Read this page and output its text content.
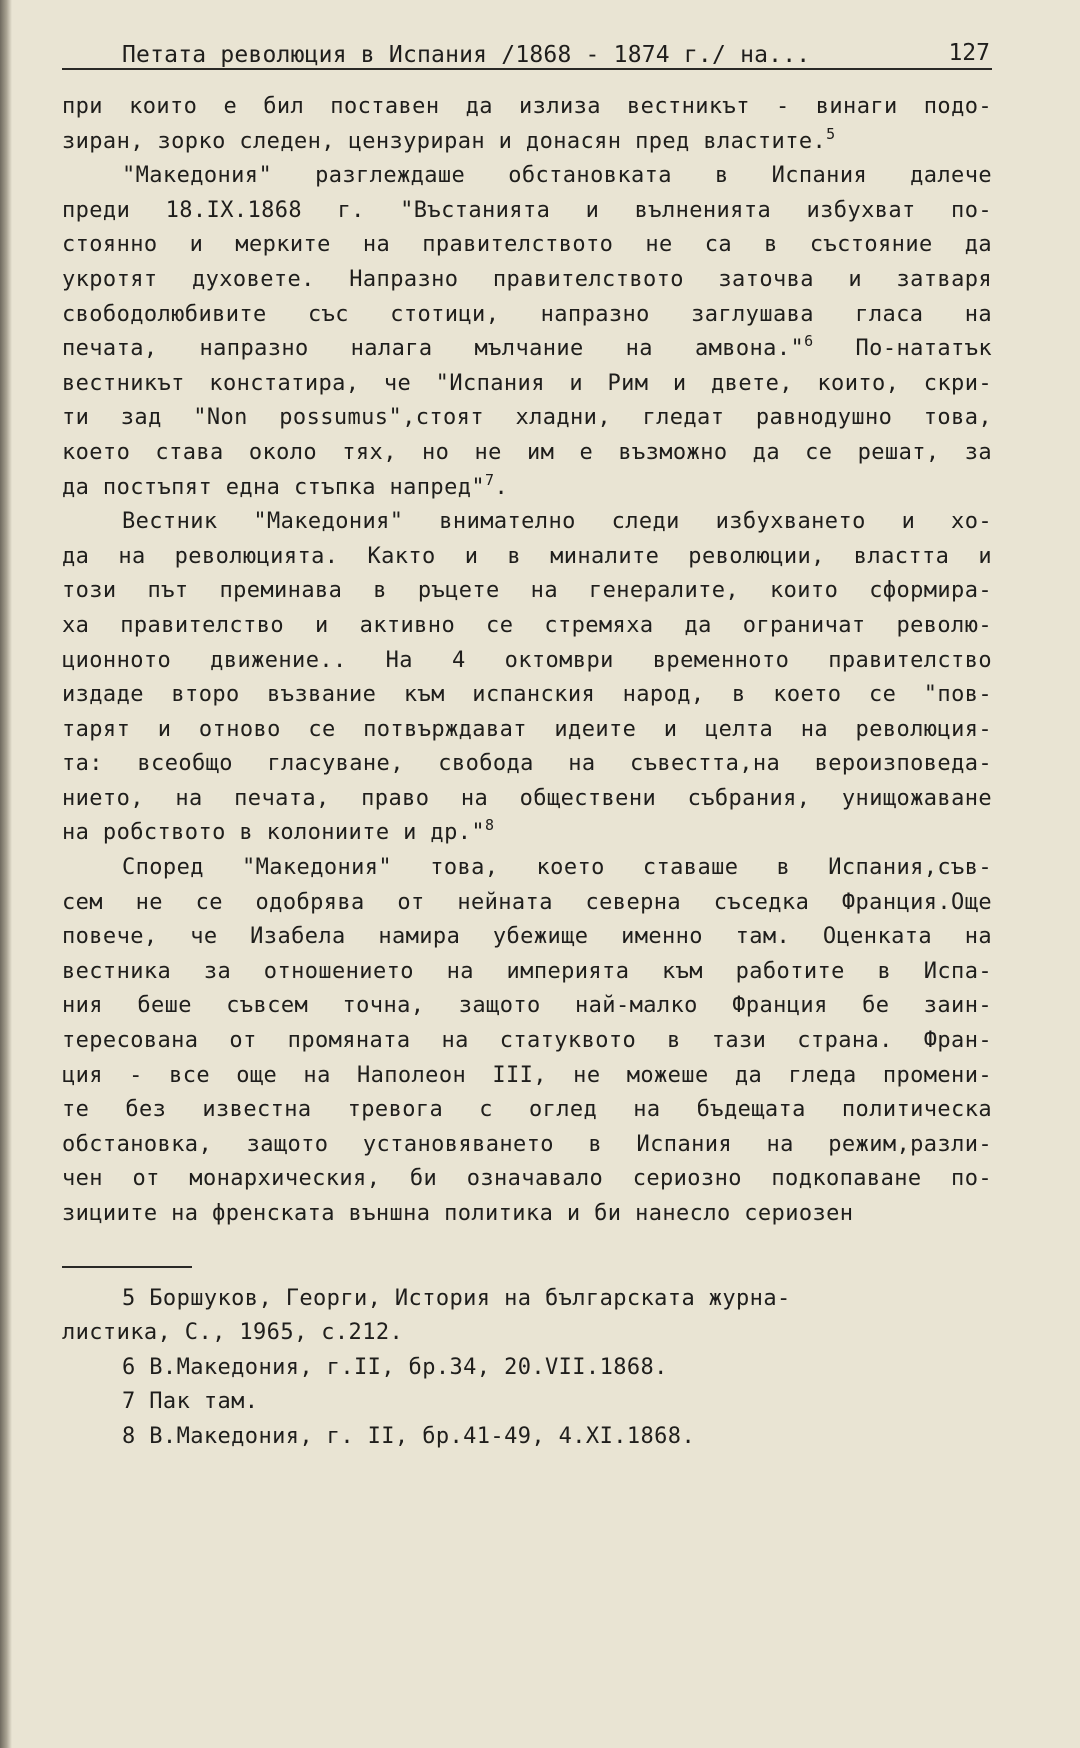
Петата революция в Испания /1868 - 1874 г./ на...	127

при които е бил поставен да излиза вестникът - винаги подо-
зиран, зорко следен, цензуриран и донасян пред властите.$^5$

"Македония" разглеждаше обстановката в Испания далече
преди 18.IX.1868 г. "Въстанията и вълненията избухват по-
стоянно и мерките на правителството не са в състояние да
укротят духовете. Напразно правителството заточва и затваря
свободолюбивите със стотици, напразно заглушава гласа на
печата, напразно налага мълчание на амвона."$^6$ По-нататък
вестникът констатира, че "Испания и Рим и двете, които, скри-
ти зад "Non possumus",стоят хладни, гледат равнодушно това,
което става около тях, но не им е възможно да се решат, за
да постъпят една стъпка напред"$^7$.

Вестник "Македония" внимателно следи избухването и хо-
да на революцията. Както и в миналите революции, властта и
този път преминава в ръцете на генералите, които сформира-
ха правителство и активно се стремяха да ограничат револю-
ционното движение.. На 4 октомври временното правителство
издаде второ възвание към испанския народ, в което се "пов-
тарят и отново се потвърждават идеите и целта на революция-
та: всеобщо гласуване, свобода на съвестта,на вероизповеда-
нието, на печата, право на обществени събрания, унищожаване
на робството в колониите и др."$^8$

Според "Македония" това, което ставаше в Испания,съв-
сем не се одобрява от нейната северна съседка Франция.Още
повече, че Изабела намира убежище именно там. Оценката на
вестника за отношението на империята към работите в Испа-
ния беше съвсем точна, защото най-малко Франция бе заин-
тересована от промяната на статуквото в тази страна. Фран-
ция - все още на Наполеон III, не можеше да гледа промени-
те без известна тревога с оглед на бъдещата политическа
обстановка, защото установяването в Испания на режим,разли-
чен от монархическия, би означавало сериозно подкопаване по-
зициите на френската външна политика и би нанесло сериозен

5 Боршуков, Георги, История на българската журна-
листика, С., 1965, с.212.

6 В.Македония, г.II, бр.34, 20.VII.1868.

7 Пак там.

8 В.Македония, г. II, бр.41-49, 4.XI.1868.
